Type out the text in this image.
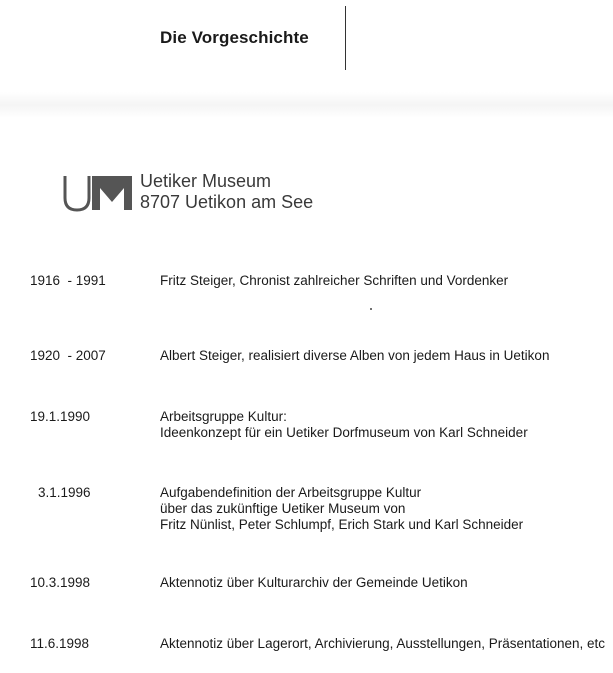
Die Vorgeschichte
Uetiker Museum
8707 Uetikon am See
1916  - 1991	Fritz Steiger, Chronist zahlreicher Schriften und Vordenker
1920  - 2007	Albert Steiger, realisiert diverse Alben von jedem Haus in Uetikon
19.1.1990	Arbeitsgruppe Kultur:
Ideenkonzept für ein Uetiker Dorfmuseum von Karl Schneider
3.1.1996	Aufgabendefinition der Arbeitsgruppe Kultur
über das zukünftige Uetiker Museum von
Fritz Nünlist, Peter Schlumpf, Erich Stark und Karl Schneider
10.3.1998	Aktennotiz über Kulturarchiv der Gemeinde Uetikon
11.6.1998	Aktennotiz über Lagerort, Archivierung, Ausstellungen, Präsentationen, etc
